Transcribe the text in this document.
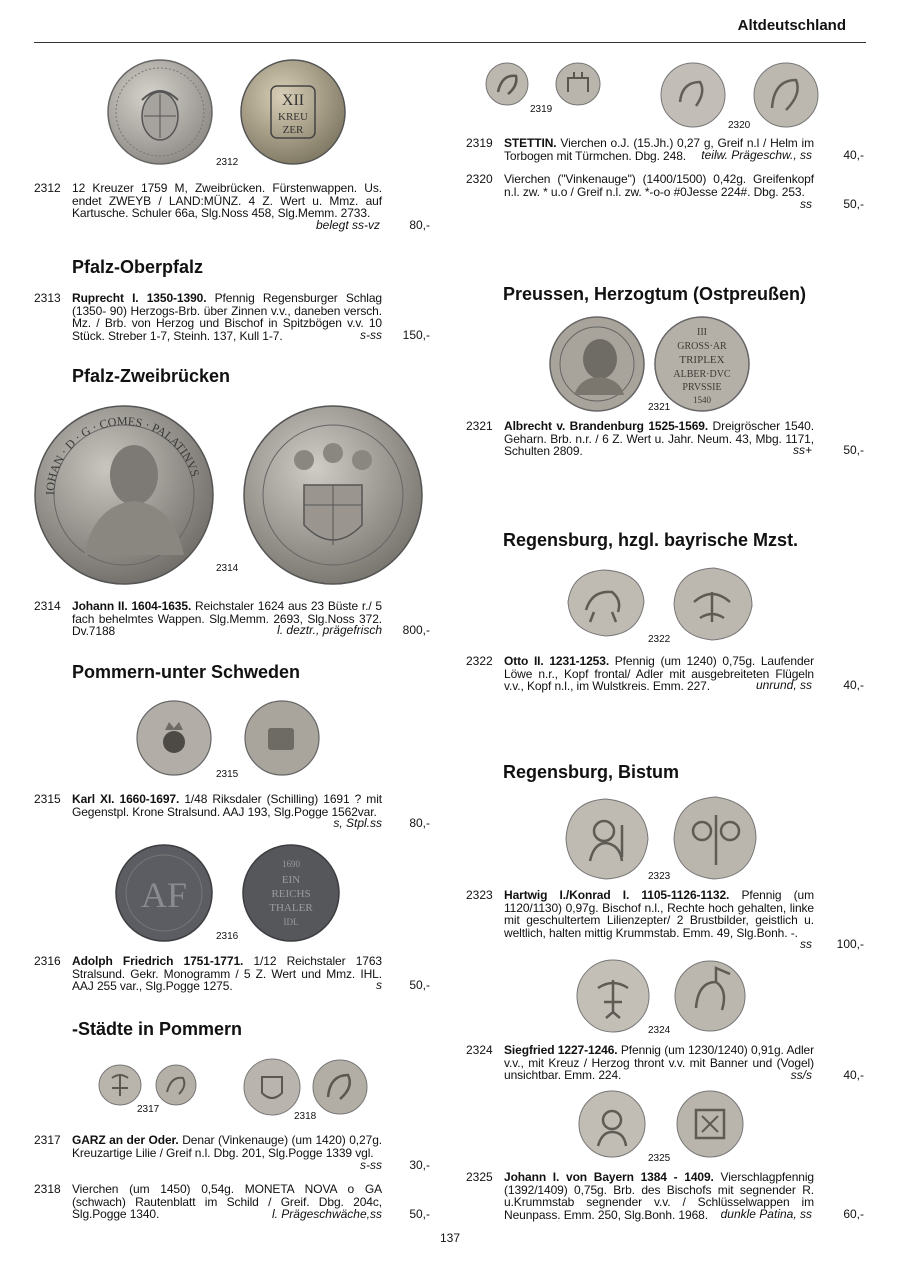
Altdeutschland
XII
KREU
ZER
2312
2312 12 Kreuzer 1759 M, Zweibrücken. Fürstenwappen. Us. endet ZWEYB / LAND:MÜNZ. 4 Z. Wert u. Mmz. auf Kartusche. Schuler 66a, Slg.Noss 458, Slg.Memm. 2733.
belegt ss-vz 80,-
Pfalz-Oberpfalz
2313 Ruprecht I. 1350-1390. Pfennig Regensburger Schlag (1350- 90) Herzogs-Brb. über Zinnen v.v., daneben versch. Mz. / Brb. von Herzog und Bischof in Spitzbögen v.v. 10 Stück. Streber 1-7, Steinh. 137, Kull 1-7.	s-ss 150,-
Pfalz-Zweibrücken
IOHAN · D · G · COMES · PALATINVS
2314
2314 Johann II. 1604-1635. Reichstaler 1624 aus 23 Büste r./ 5 fach behelmtes Wappen. Slg.Memm. 2693, Slg.Noss 372. Dv.7188	l. deztr., prägefrisch 800,-
Pommern-unter Schweden
2315
2315 Karl XI. 1660-1697. 1/48 Riksdaler (Schilling) 1691 ? mit Gegenstpl. Krone Stralsund. AAJ 193, Slg.Pogge 1562var.
s, Stpl.ss 80,-
AF
1690
EIN
REICHS
THALER
IDL
2316
2316 Adolph Friedrich 1751-1771. 1/12 Reichstaler 1763 Stralsund. Gekr. Monogramm / 5 Z. Wert und Mmz. IHL. AAJ 255 var., Slg.Pogge 1275.	s 50,-
-Städte in Pommern
2317
2318
2317 GARZ an der Oder. Denar (Vinkenauge) (um 1420) 0,27g. Kreuzartige Lilie / Greif n.l. Dbg. 201, Slg.Pogge 1339 vgl.
s-ss 30,-
2318 Vierchen (um 1450) 0,54g. MONETA NOVA o GA (schwach) Rautenblatt im Schild / Greif. Dbg. 204c, Slg.Pogge 1340.	l. Prägeschwäche,ss 50,-
2319
2320
2319 STETTIN. Vierchen o.J. (15.Jh.) 0,27 g, Greif n.l / Helm im Torbogen mit Türmchen. Dbg. 248.	teilw. Prägeschw., ss	40,-
2320 Vierchen ("Vinkenauge") (1400/1500) 0,42g. Greifenkopf n.l. zw. * u.o / Greif n.l. zw. *-o-o #0Jesse 224#. Dbg. 253.
ss	50,-
Preussen, Herzogtum (Ostpreußen)
III
GROSS·AR
TRIPLEX
ALBER·DVC
PRVSSIE
1540
2321
2321 Albrecht v. Brandenburg 1525-1569. Dreigröscher 1540. Geharn. Brb. n.r. / 6 Z. Wert u. Jahr. Neum. 43, Mbg. 1171, Schulten 2809.	ss+	50,-
Regensburg, hzgl. bayrische Mzst.
2322
2322 Otto II. 1231-1253. Pfennig (um 1240) 0,75g. Laufender Löwe n.r., Kopf frontal/ Adler mit ausgebreiteten Flügeln v.v., Kopf n.l., im Wulstkreis. Emm. 227.	unrund, ss	40,-
Regensburg, Bistum
2323
2323 Hartwig I./Konrad I. 1105-1126-1132. Pfennig (um 1120/1130) 0,97g. Bischof n.l., Rechte hoch gehalten, linke mit geschultertem Lilienzepter/ 2 Brustbilder, geistlich u. weltlich, halten mittig Krummstab. Emm. 49, Slg.Bonh. -.
ss 100,-
2324
2324 Siegfried 1227-1246. Pfennig (um 1230/1240) 0,91g. Adler v.v., mit Kreuz / Herzog thront v.v. mit Banner und (Vogel) unsichtbar. Emm. 224.	ss/s	40,-
2325
2325 Johann I. von Bayern 1384 - 1409. Vierschlagpfennig (1392/1409) 0,75g. Brb. des Bischofs mit segnender R. u.Krummstab segnender v.v. / Schlüsselwappen im Neunpass. Emm. 250, Slg.Bonh. 1968.	dunkle Patina, ss	60,-
137
